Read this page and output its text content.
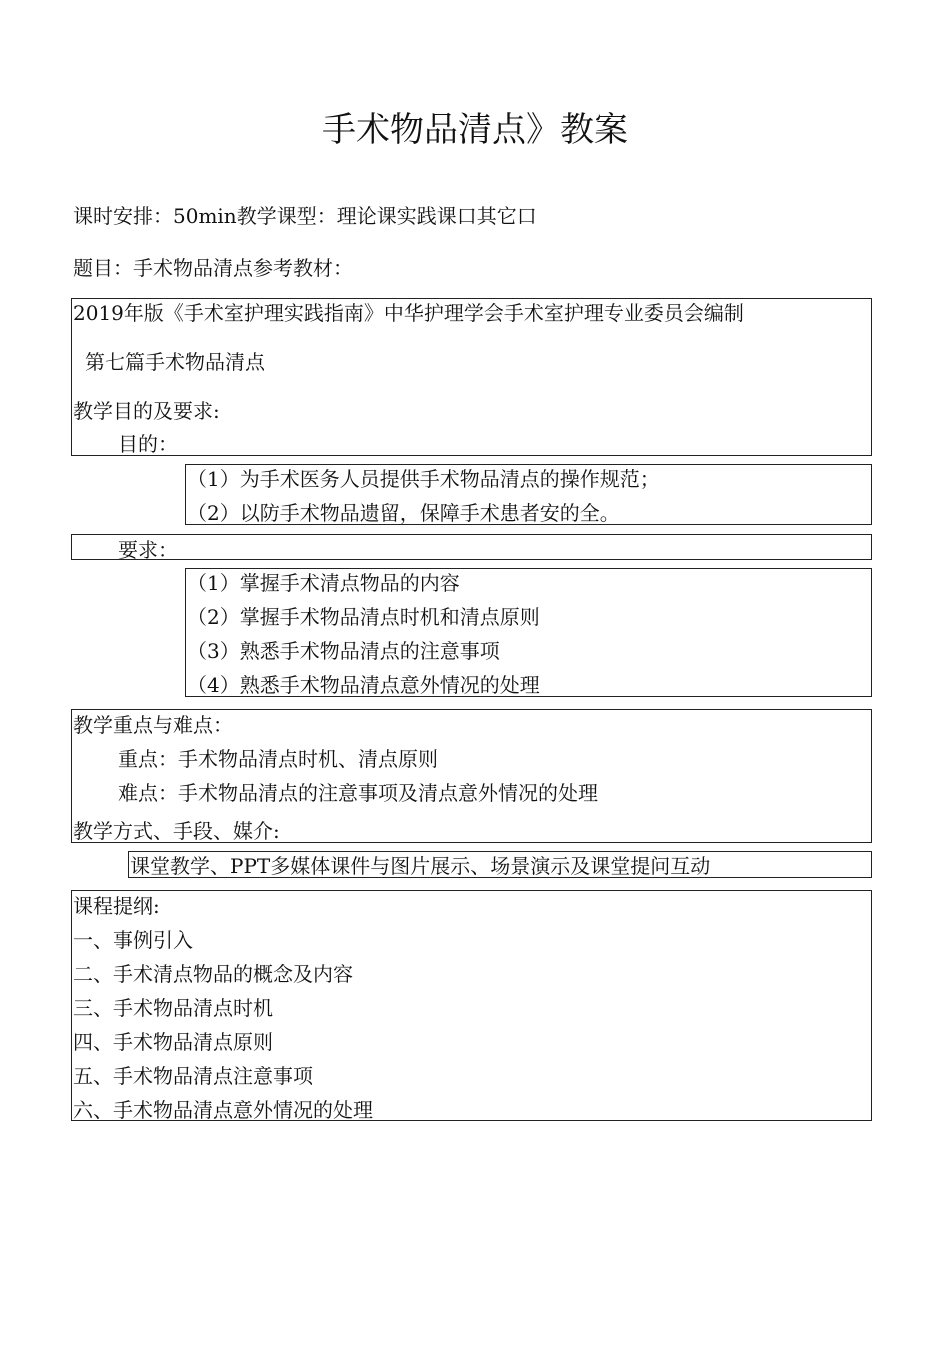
手术物品清点》教案
课时安排：50min教学课型：理论课实践课口其它口
题目：手术物品清点参考教材：
2019年版《手术室护理实践指南》中华护理学会手术室护理专业委员会编制
第七篇手术物品清点
教学目的及要求:
目的：
（1）为手术医务人员提供手术物品清点的操作规范；
（2）以防手术物品遗留，保障手术患者安的全。
要求：
（1）掌握手术清点物品的内容
（2）掌握手术物品清点时机和清点原则
（3）熟悉手术物品清点的注意事项
（4）熟悉手术物品清点意外情况的处理
教学重点与难点：
重点：手术物品清点时机、清点原则
难点：手术物品清点的注意事项及清点意外情况的处理
教学方式、手段、媒介:
课堂教学、PPT多媒体课件与图片展示、场景演示及课堂提问互动
课程提纲:
一、事例引入
二、手术清点物品的概念及内容
三、手术物品清点时机
四、手术物品清点原则
五、手术物品清点注意事项
六、手术物品清点意外情况的处理
